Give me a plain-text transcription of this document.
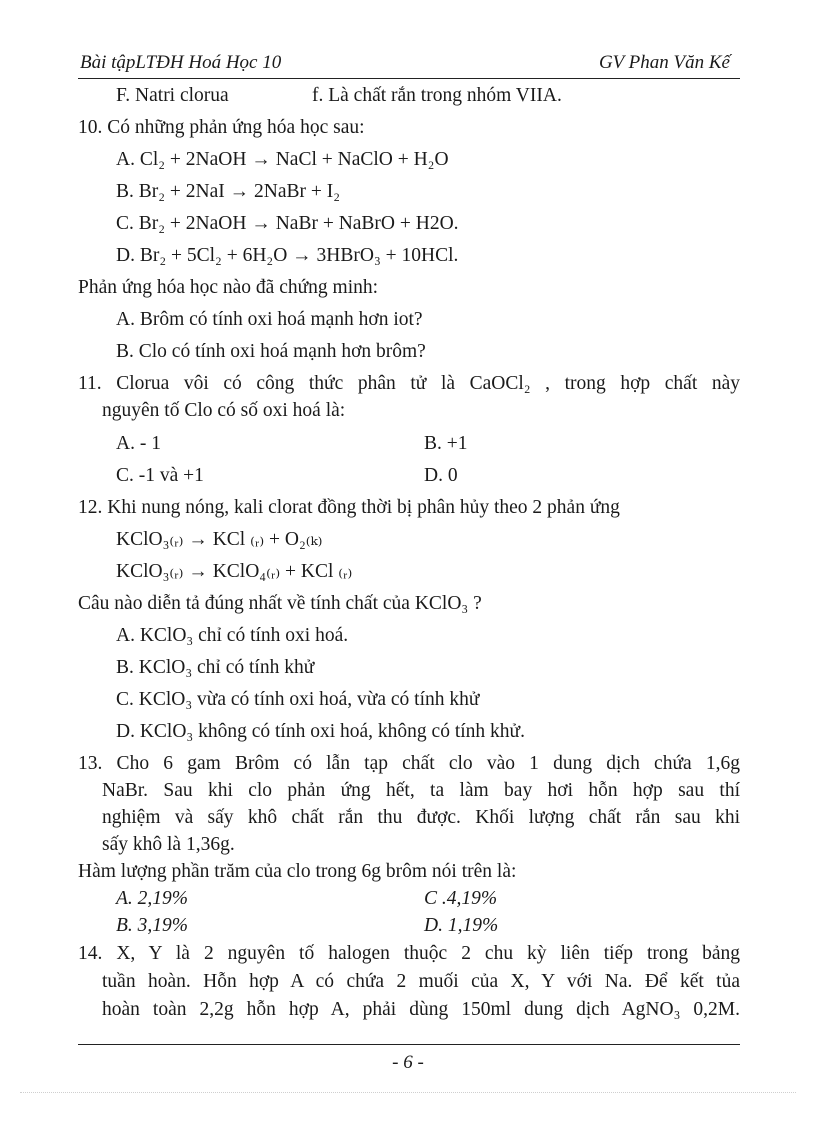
Bài tậpLTĐH Hoá Học 10	GV Phan Văn Kế
F. Natri clorua	f. Là chất rắn trong nhóm VIIA.
10. Có những phản ứng hóa học sau:
A. Cl₂ + 2NaOH → NaCl + NaClO + H₂O
B. Br₂ + 2NaI → 2NaBr + I₂
C. Br₂ + 2NaOH → NaBr + NaBrO + H2O.
D. Br₂ + 5Cl₂ + 6H₂O → 3HBrO₃ + 10HCl.
Phản ứng hóa học nào đã chứng minh:
A. Brôm có tính oxi hoá mạnh hơn iot?
B. Clo có tính oxi hoá mạnh hơn brôm?
11. Clorua vôi có công thức phân tử là CaOCl₂ , trong hợp chất này
nguyên tố Clo có số oxi hoá là:
A. - 1	B. +1
C. -1 và +1	D. 0
12. Khi nung nóng, kali clorat đồng thời bị phân hủy theo 2 phản ứng
KClO₃₍ᵣ₎ → KCl ₍ᵣ₎ + O₂₍ₖ₎
KClO₃₍ᵣ₎ → KClO₄₍ᵣ₎ + KCl ₍ᵣ₎
Câu nào diễn tả đúng nhất về tính chất của KClO₃ ?
A. KClO₃ chỉ có tính oxi hoá.
B. KClO₃ chỉ có tính khử
C. KClO₃ vừa có tính oxi hoá, vừa có tính khử
D. KClO₃ không có tính oxi hoá, không có tính khử.
13. Cho 6 gam Brôm có lẫn tạp chất clo vào 1 dung dịch chứa 1,6g
NaBr. Sau khi clo phản ứng hết, ta làm bay hơi hỗn hợp sau thí
nghiệm và sấy khô chất rắn thu được. Khối lượng chất rắn sau khi
sấy khô là 1,36g.
Hàm lượng phần trăm của clo trong 6g brôm nói trên là:
A. 2,19%	C .4,19%
B. 3,19%	D. 1,19%
14. X, Y là 2 nguyên tố halogen thuộc 2 chu kỳ liên tiếp trong bảng
tuần hoàn. Hỗn hợp A có chứa 2 muối của X, Y với Na. Để kết tủa
hoàn toàn 2,2g hỗn hợp A, phải dùng 150ml dung dịch AgNO₃ 0,2M.
- 6 -
